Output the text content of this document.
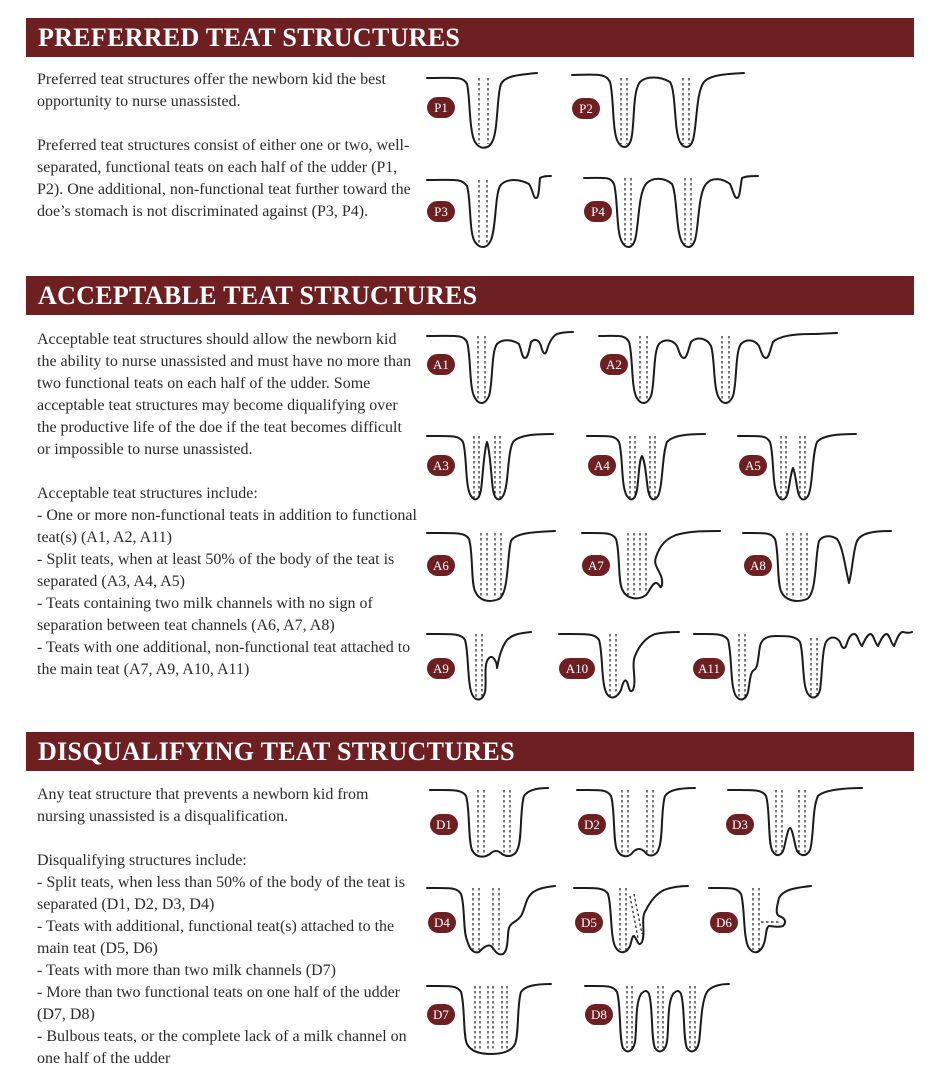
PREFERRED TEAT STRUCTURES

Preferred teat structures offer the newborn kid the best opportunity to nurse unassisted.

Preferred teat structures consist of either one or two, well-separated, functional teats on each half of the udder (P1, P2). One additional, non-functional teat further toward the doe’s stomach is not discriminated against (P3, P4).

P1	P2
P3	P4
ACCEPTABLE TEAT STRUCTURES

Acceptable teat structures should allow the newborn kid the ability to nurse unassisted and must have no more than two functional teats on each half of the udder. Some acceptable teat structures may become diqualifying over the productive life of the doe if the teat becomes difficult or impossible to nurse unassisted.

Acceptable teat structures include:

- One or more non-functional teats in addition to functional teat(s) (A1, A2, A11)

- Split teats, when at least 50% of the body of the teat is separated (A3, A4, A5)

- Teats containing two milk channels with no sign of separation between teat channels (A6, A7, A8)

- Teats with one additional, non-functional teat attached to the main teat (A7, A9, A10, A11)

A1	A2
A3	A4	A5
A6	A7	A8
A9	A10	A11
DISQUALIFYING TEAT STRUCTURES

Any teat structure that prevents a newborn kid from nursing unassisted is a disqualification.

Disqualifying structures include:

- Split teats, when less than 50% of the body of the teat is separated (D1, D2, D3, D4)

- Teats with additional, functional teat(s) attached to the main teat (D5, D6)

- Teats with more than two milk channels (D7)

- More than two functional teats on one half of the udder (D7, D8)

- Bulbous teats, or the complete lack of a milk channel on one half of the udder

D1	D2	D3
D4	D5	D6
D7	D8
